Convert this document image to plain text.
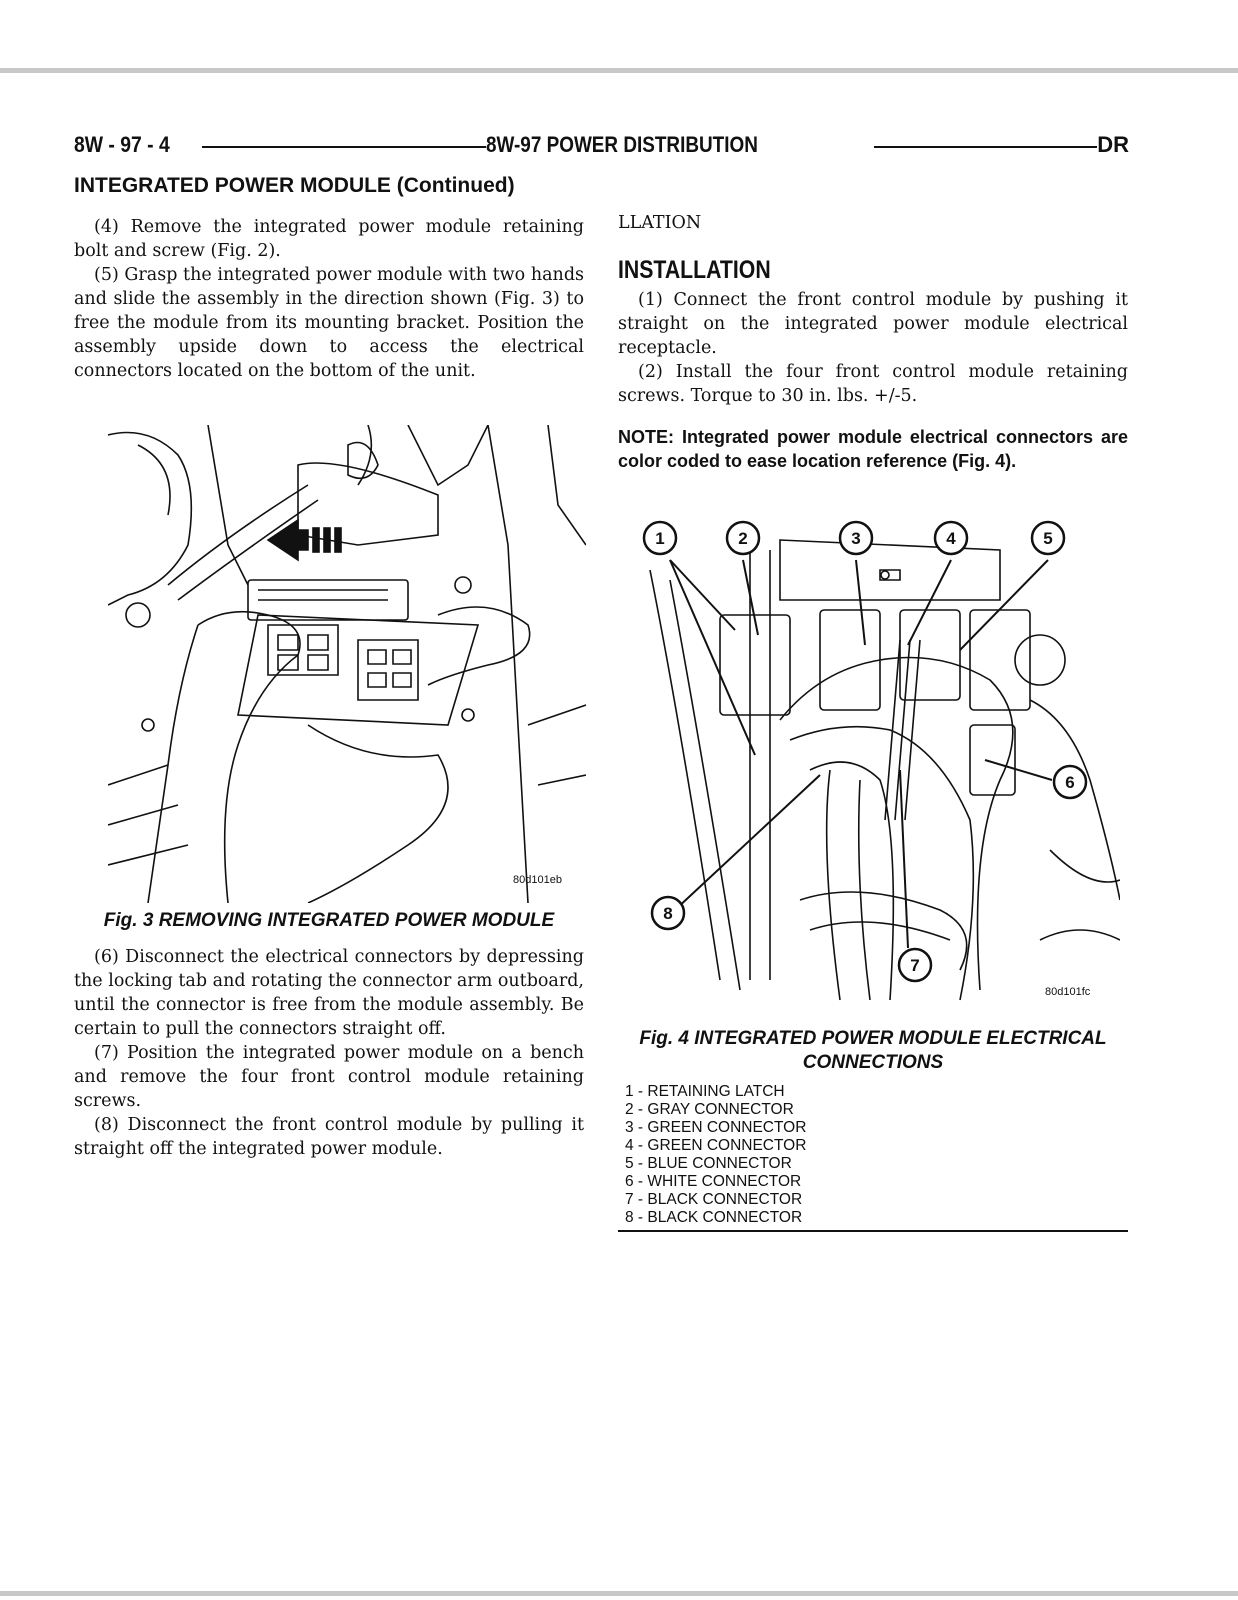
8W - 97 - 4	8W-97 POWER DISTRIBUTION	DR
INTEGRATED POWER MODULE (Continued)

(4) Remove the integrated power module retaining bolt and screw (Fig. 2).

(5) Grasp the integrated power module with two hands and slide the assembly in the direction shown (Fig. 3) to free the module from its mounting bracket. Position the assembly upside down to access the electrical connectors located on the bottom of the unit.

80d101eb
Fig. 3 REMOVING INTEGRATED POWER MODULE

(6) Disconnect the electrical connectors by depressing the locking tab and rotating the connector arm outboard, until the connector is free from the module assembly. Be certain to pull the connectors straight off.

(7) Position the integrated power module on a bench and remove the four front control module retaining screws.

(8) Disconnect the front control module by pulling it straight off the integrated power module.

LLATION
INSTALLATION

(1) Connect the front control module by pushing it straight on the integrated power module electrical receptacle.

(2) Install the four front control module retaining screws. Torque to 30 in. lbs. +/-5.

NOTE: Integrated power module electrical connectors are color coded to ease location reference (Fig. 4).
1	2	3	4	5
6
7
8
80d101fc
Fig. 4 INTEGRATED POWER MODULE ELECTRICAL CONNECTIONS
1 - RETAINING LATCH
2 - GRAY CONNECTOR
3 - GREEN CONNECTOR
4 - GREEN CONNECTOR
5 - BLUE CONNECTOR
6 - WHITE CONNECTOR
7 - BLACK CONNECTOR
8 - BLACK CONNECTOR
